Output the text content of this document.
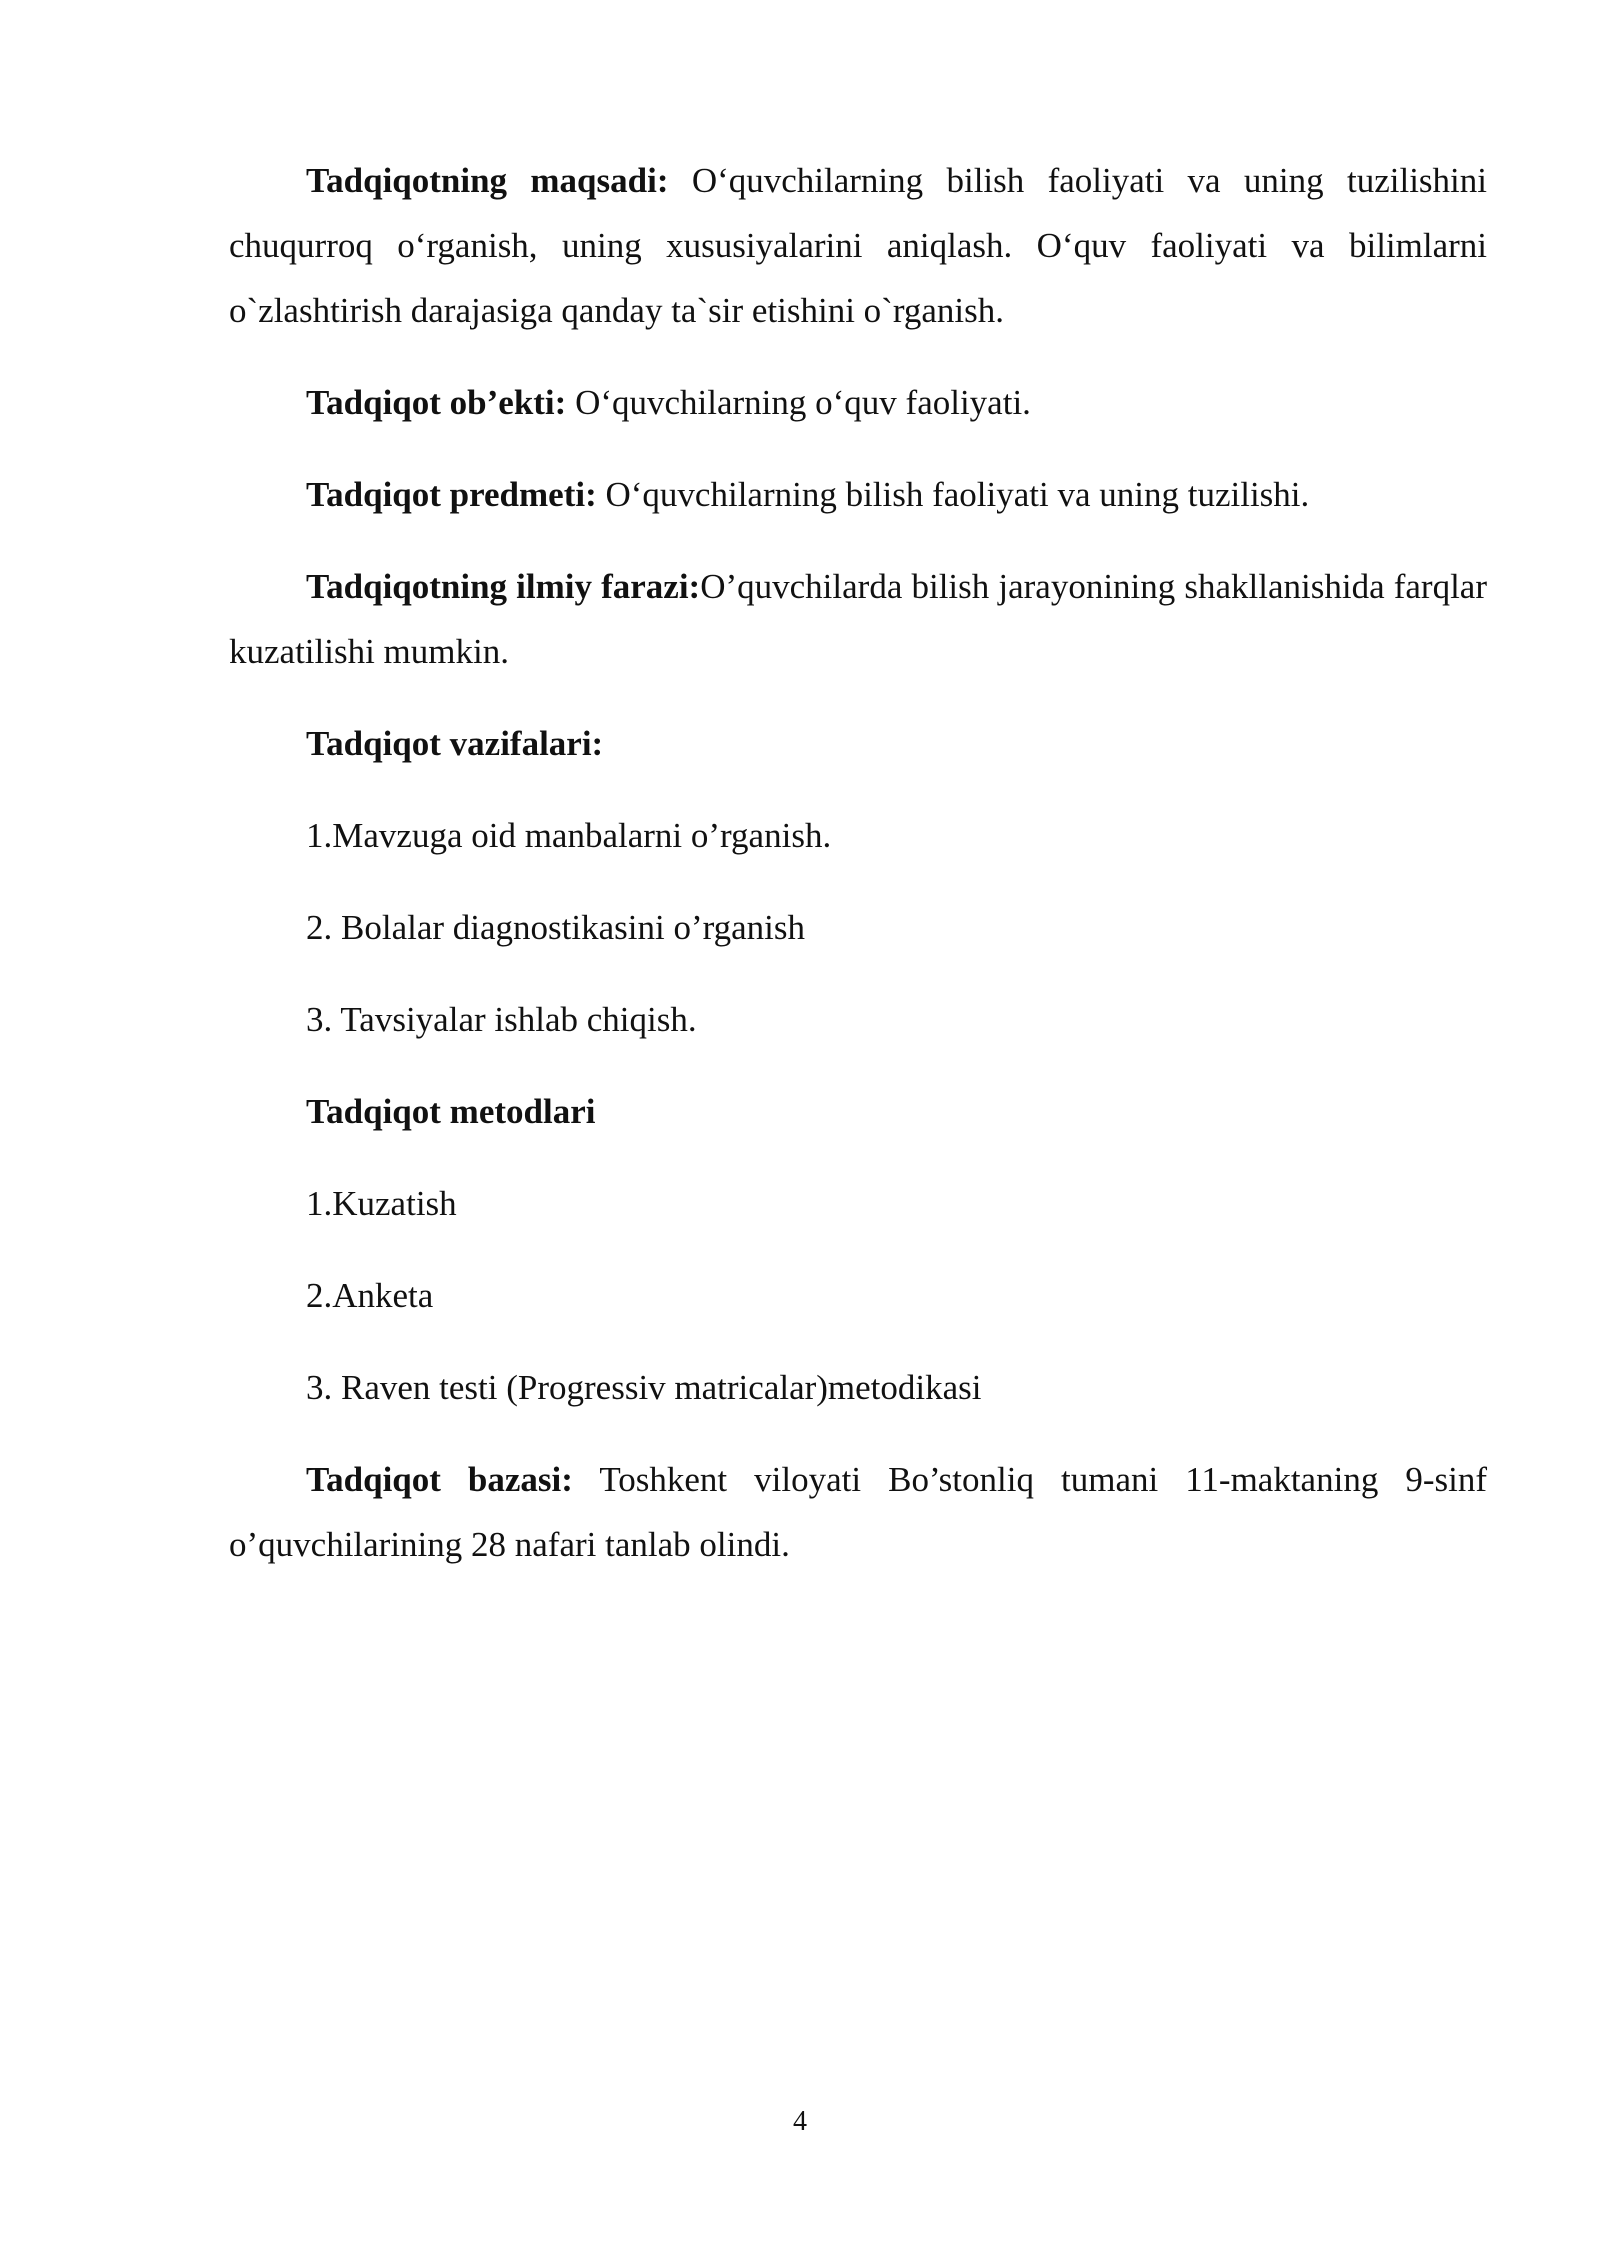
Tadqiqotning maqsadi: O‘quvchilarning bilish faoliyati va uning tuzilishini chuqurroq o‘rganish, uning xususiyalarini aniqlash. O‘quv faoliyati va bilimlarni o`zlashtirish darajasiga qanday ta`sir etishini o`rganish.

Tadqiqot ob’ekti: O‘quvchilarning o‘quv faoliyati.

Tadqiqot predmeti: O‘quvchilarning bilish faoliyati va uning tuzilishi.

Tadqiqotning ilmiy farazi:O’quvchilarda bilish jarayonining shakllanishida farqlar kuzatilishi mumkin.

Tadqiqot vazifalari:

1.Mavzuga oid manbalarni o’rganish.

2. Bolalar diagnostikasini o’rganish

3. Tavsiyalar ishlab chiqish.

Tadqiqot metodlari

1.Kuzatish

2.Anketa

3. Raven testi (Progressiv matricalar)metodikasi

Tadqiqot bazasi: Toshkent viloyati Bo’stonliq tumani 11-maktaning 9-sinf o’quvchilarining 28 nafari tanlab olindi.

4
